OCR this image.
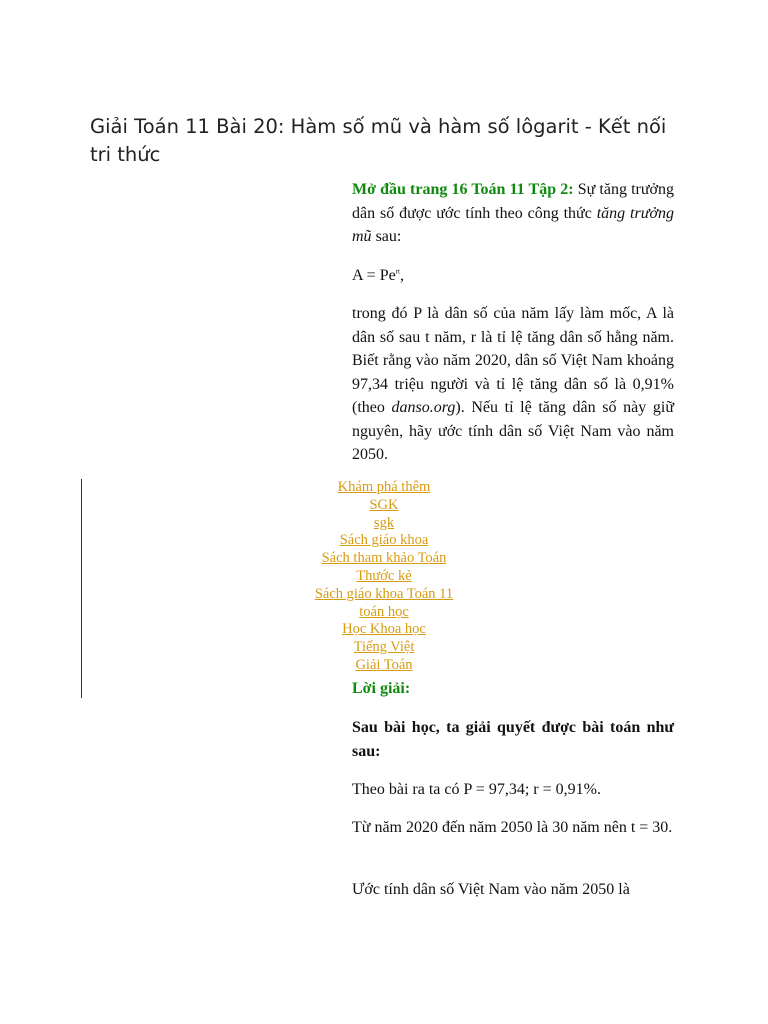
Giải Toán 11 Bài 20: Hàm số mũ và hàm số lôgarit - Kết nối tri thức

Mở đầu trang 16 Toán 11 Tập 2: Sự tăng trưởng dân số được ước tính theo công thức tăng trưởng mũ sau:

$A = Pe^{rt}$,

trong đó P là dân số của năm lấy làm mốc, A là dân số sau t năm, r là tỉ lệ tăng dân số hằng năm. Biết rằng vào năm 2020, dân số Việt Nam khoảng 97,34 triệu người và tỉ lệ tăng dân số là 0,91% (theo danso.org). Nếu tỉ lệ tăng dân số này giữ nguyên, hãy ước tính dân số Việt Nam vào năm 2050.

Khám phá thêm
SGK
sgk
Sách giáo khoa
Sách tham khảo Toán
Thước kẻ
Sách giáo khoa Toán 11
toán học
Học Khoa học
Tiếng Việt
Giải Toán

Lời giải:

Sau bài học, ta giải quyết được bài toán như sau:

Theo bài ra ta có P = 97,34; r = 0,91%.

Từ năm 2020 đến năm 2050 là 30 năm nên t = 30.

Ước tính dân số Việt Nam vào năm 2050 là
